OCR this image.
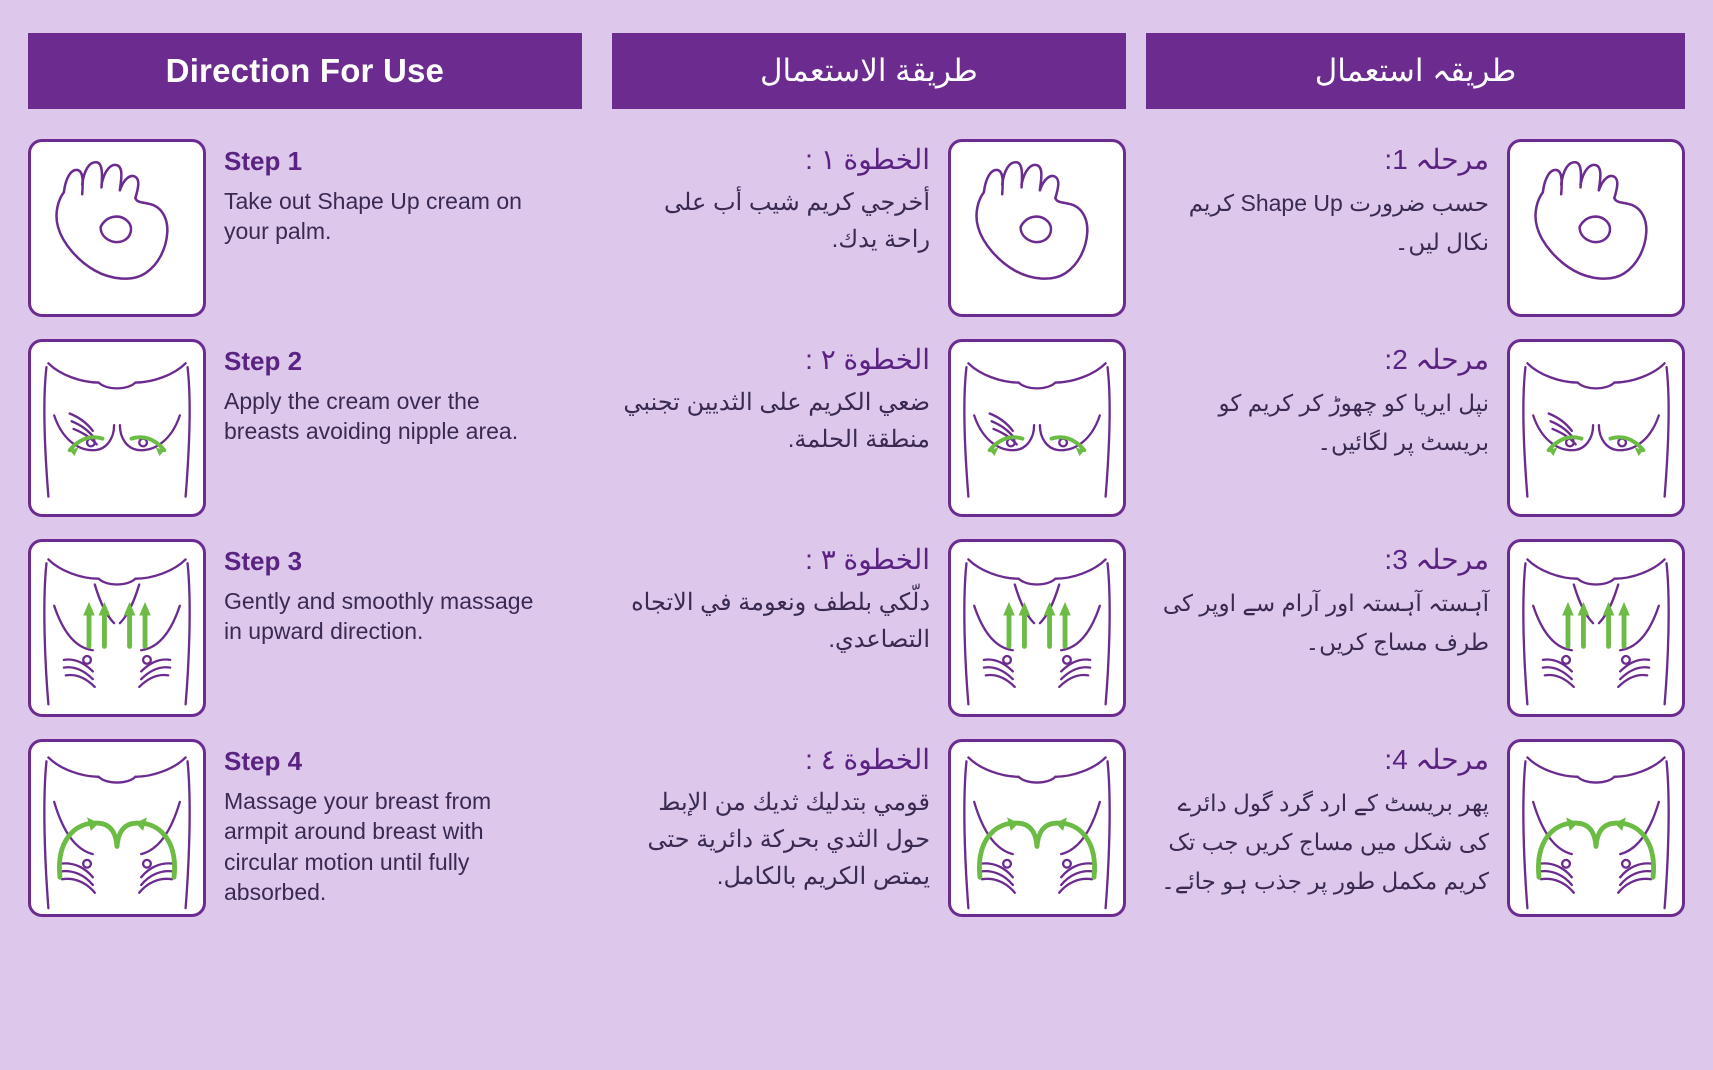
Direction For Use

Step 1

Take out Shape Up cream on your palm.

Step 2

Apply the cream over the breasts avoiding nipple area.

Step 3

Gently and smoothly massage in upward direction.

Step 4

Massage your breast from armpit around breast with circular motion until fully absorbed.

طريقة الاستعمال

الخطوة ١ :

أخرجي كريم شيب أب على راحة يدك.

الخطوة ٢ :

ضعي الكريم على الثديين تجنبي منطقة الحلمة.

الخطوة ٣ :

دلّكي بلطف ونعومة في الاتجاه التصاعدي.

الخطوة ٤ :

قومي بتدليك ثديك من الإبط حول الثدي بحركة دائرية حتى يمتص الكريم بالكامل.

طریقہ استعمال

مرحلہ 1:

حسب ضرورت Shape Up کریم نکال لیں۔

مرحلہ 2:

نپل ایریا کو چھوڑ کر کریم کو بریسٹ پر لگائیں۔

مرحلہ 3:

آہستہ آہستہ اور آرام سے اوپر کی طرف مساج کریں۔

مرحلہ 4:

پھر بریسٹ کے ارد گرد گول دائرے کی شکل میں مساج کریں جب تک کریم مکمل طور پر جذب ہو جائے۔
